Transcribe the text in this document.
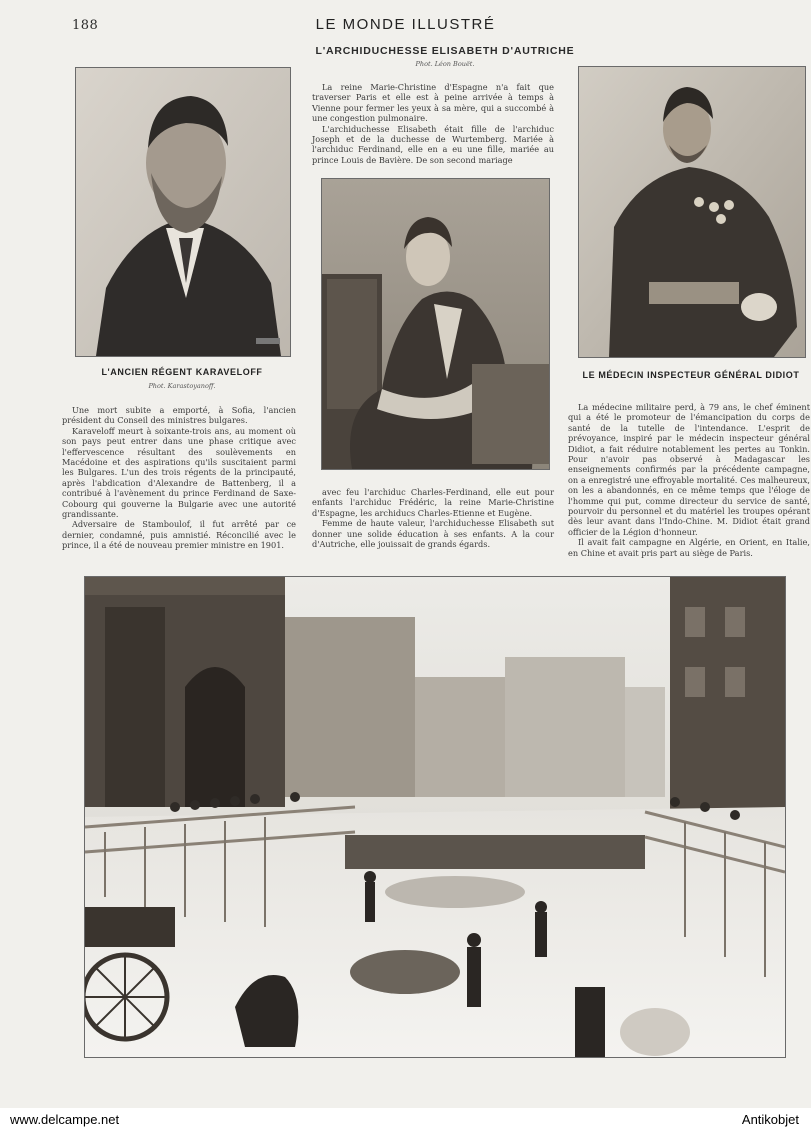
188	LE MONDE ILLUSTRÉ
L'ARCHIDUCHESSE ELISABETH D'AUTRICHE
Phot. Léon Bouët.
L'ANCIEN RÉGENT KARAVELOFF
Phot. Karastoyanoff.

Une mort subite a emporté, à Sofia, l'ancien président du Conseil des ministres bulgares.

Karaveloff meurt à soixante-trois ans, au moment où son pays peut entrer dans une phase critique avec l'effervescence résultant des soulèvements en Macédoine et des aspirations qu'ils suscitaient parmi les Bulgares. L'un des trois régents de la principauté, après l'abdication d'Alexandre de Battenberg, il a contribué à l'avènement du prince Ferdinand de Saxe-Cobourg qui gouverne la Bulgarie avec une autorité grandissante.

Adversaire de Stamboulof, il fut arrêté par ce dernier, condamné, puis amnistié. Réconcilié avec le prince, il a été de nouveau premier ministre en 1901.

La reine Marie-Christine d'Espagne n'a fait que traverser Paris et elle est à peine arrivée à temps à Vienne pour fermer les yeux à sa mère, qui a succombé à une congestion pulmonaire.

L'archiduchesse Elisabeth était fille de l'archiduc Joseph et de la duchesse de Wurtemberg. Mariée à l'archiduc Ferdinand, elle en a eu une fille, mariée au prince Louis de Bavière. De son second mariage

avec feu l'archiduc Charles-Ferdinand, elle eut pour enfants l'archiduc Frédéric, la reine Marie-Christine d'Espagne, les archiducs Charles-Etienne et Eugène.

Femme de haute valeur, l'archiduchesse Elisabeth sut donner une solide éducation à ses enfants. A la cour d'Autriche, elle jouissait de grands égards.

LE MÉDECIN INSPECTEUR GÉNÉRAL DIDIOT

La médecine militaire perd, à 79 ans, le chef éminent qui a été le promoteur de l'émancipation du corps de santé de la tutelle de l'intendance. L'esprit de prévoyance, inspiré par le médecin inspecteur général Didiot, a fait réduire notablement les pertes au Tonkin. Pour n'avoir pas observé à Madagascar les enseignements confirmés par la précédente campagne, on a enregistré une effroyable mortalité. Ces malheureux, on les a abandonnés, en ce même temps que l'éloge de l'homme qui put, comme directeur du service de santé, pourvoir du personnel et du matériel les troupes opérant dès leur avant dans l'Indo-Chine. M. Didiot était grand officier de la Légion d'honneur.

Il avait fait campagne en Algérie, en Orient, en Italie, en Chine et avait pris part au siège de Paris.

www.delcampe.net	Antikobjet
